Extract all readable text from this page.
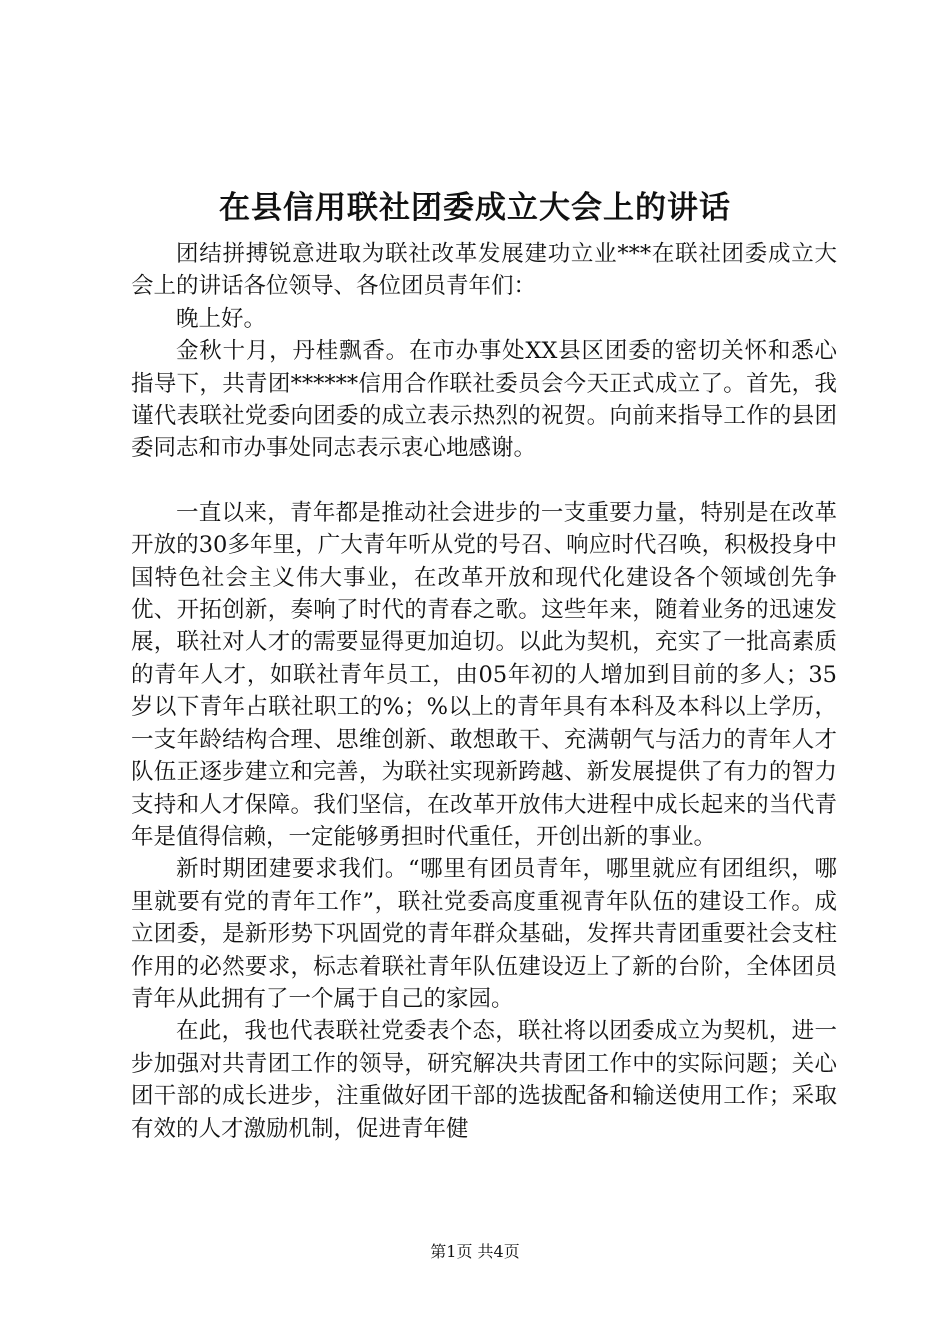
在县信用联社团委成立大会上的讲话

团结拼搏锐意进取为联社改革发展建功立业***在联社团委成立大会上的讲话各位领导、各位团员青年们：

晚上好。

金秋十月，丹桂飘香。在市办事处XX县区团委的密切关怀和悉心指导下，共青团******信用合作联社委员会今天正式成立了。首先，我谨代表联社党委向团委的成立表示热烈的祝贺。向前来指导工作的县团委同志和市办事处同志表示衷心地感谢。

一直以来，青年都是推动社会进步的一支重要力量，特别是在改革开放的30多年里，广大青年听从党的号召、响应时代召唤，积极投身中国特色社会主义伟大事业，在改革开放和现代化建设各个领域创先争优、开拓创新，奏响了时代的青春之歌。这些年来，随着业务的迅速发展，联社对人才的需要显得更加迫切。以此为契机，充实了一批高素质的青年人才，如联社青年员工，由05年初的人增加到目前的多人；35岁以下青年占联社职工的%；%以上的青年具有本科及本科以上学历，一支年龄结构合理、思维创新、敢想敢干、充满朝气与活力的青年人才队伍正逐步建立和完善，为联社实现新跨越、新发展提供了有力的智力支持和人才保障。我们坚信，在改革开放伟大进程中成长起来的当代青年是值得信赖，一定能够勇担时代重任，开创出新的事业。

新时期团建要求我们。“哪里有团员青年，哪里就应有团组织，哪里就要有党的青年工作”，联社党委高度重视青年队伍的建设工作。成立团委，是新形势下巩固党的青年群众基础，发挥共青团重要社会支柱作用的必然要求，标志着联社青年队伍建设迈上了新的台阶，全体团员青年从此拥有了一个属于自己的家园。

在此，我也代表联社党委表个态，联社将以团委成立为契机，进一步加强对共青团工作的领导，研究解决共青团工作中的实际问题；关心团干部的成长进步，注重做好团干部的选拔配备和输送使用工作；采取有效的人才激励机制，促进青年健

第1页 共4页
